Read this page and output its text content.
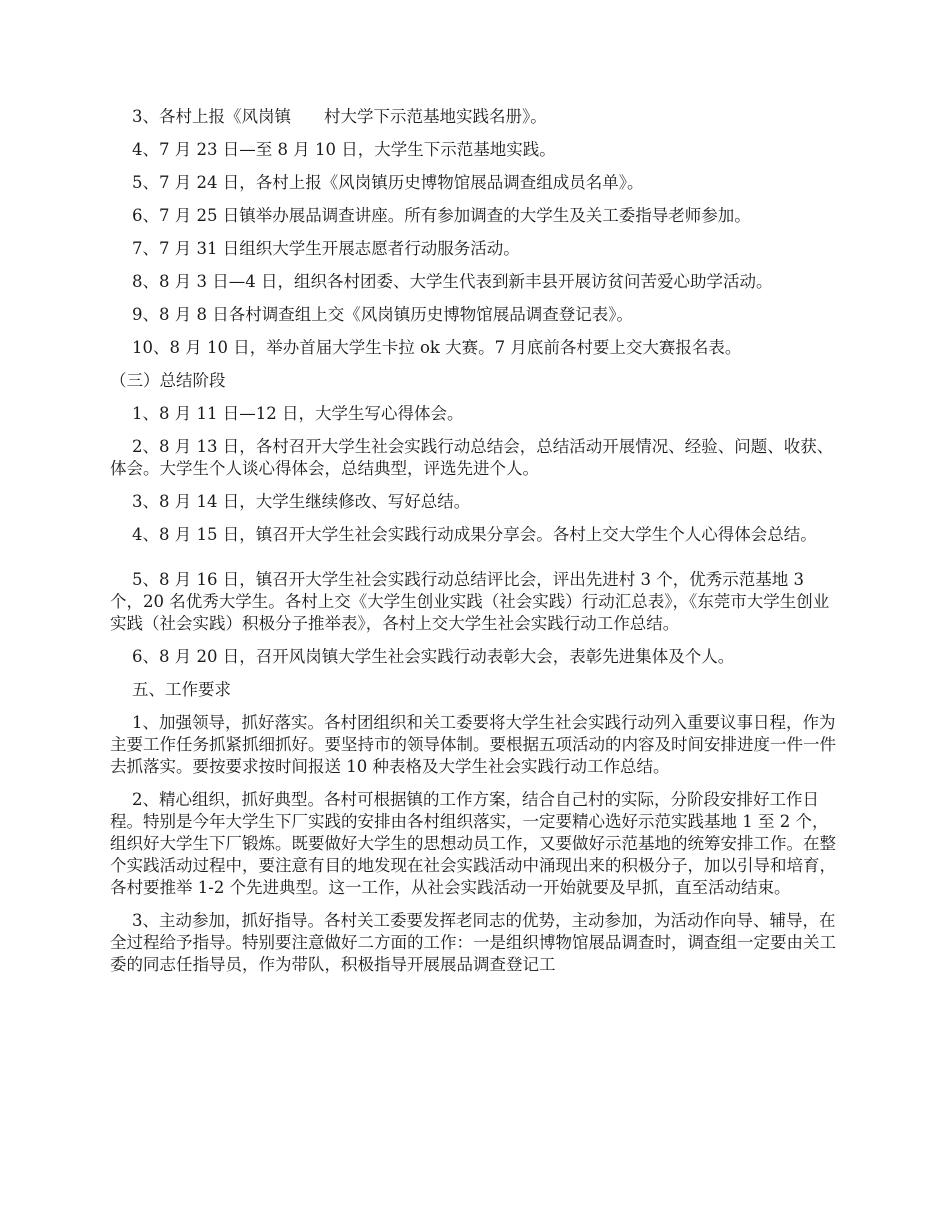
3、各村上报《风岗镇　　村大学下示范基地实践名册》。

4、7 月 23 日—至 8 月 10 日，大学生下示范基地实践。

5、7 月 24 日，各村上报《风岗镇历史博物馆展品调查组成员名单》。

6、7 月 25 日镇举办展品调查讲座。所有参加调查的大学生及关工委指导老师参加。

7、7 月 31 日组织大学生开展志愿者行动服务活动。

8、8 月 3 日—4 日，组织各村团委、大学生代表到新丰县开展访贫问苦爱心助学活动。

9、8 月 8 日各村调查组上交《风岗镇历史博物馆展品调查登记表》。

10、8 月 10 日，举办首届大学生卡拉 ok 大赛。7 月底前各村要上交大赛报名表。

（三）总结阶段

1、8 月 11 日—12 日，大学生写心得体会。

2、8 月 13 日，各村召开大学生社会实践行动总结会，总结活动开展情况、经验、问题、收获、体会。大学生个人谈心得体会，总结典型，评选先进个人。

3、8 月 14 日，大学生继续修改、写好总结。

4、8 月 15 日，镇召开大学生社会实践行动成果分享会。各村上交大学生个人心得体会总结。

5、8 月 16 日，镇召开大学生社会实践行动总结评比会，评出先进村 3 个，优秀示范基地 3 个，20 名优秀大学生。各村上交《大学生创业实践（社会实践）行动汇总表》，《东莞市大学生创业实践（社会实践）积极分子推举表》，各村上交大学生社会实践行动工作总结。

6、8 月 20 日，召开风岗镇大学生社会实践行动表彰大会，表彰先进集体及个人。

五、工作要求

1、加强领导，抓好落实。各村团组织和关工委要将大学生社会实践行动列入重要议事日程，作为主要工作任务抓紧抓细抓好。要坚持市的领导体制。要根据五项活动的内容及时间安排进度一件一件去抓落实。要按要求按时间报送 10 种表格及大学生社会实践行动工作总结。

2、精心组织，抓好典型。各村可根据镇的工作方案，结合自己村的实际，分阶段安排好工作日程。特别是今年大学生下厂实践的安排由各村组织落实，一定要精心选好示范实践基地 1 至 2 个，组织好大学生下厂锻炼。既要做好大学生的思想动员工作，又要做好示范基地的统筹安排工作。在整个实践活动过程中，要注意有目的地发现在社会实践活动中涌现出来的积极分子，加以引导和培育，各村要推举 1-2 个先进典型。这一工作，从社会实践活动一开始就要及早抓，直至活动结束。

3、主动参加，抓好指导。各村关工委要发挥老同志的优势，主动参加，为活动作向导、辅导，在全过程给予指导。特别要注意做好二方面的工作：一是组织博物馆展品调查时，调查组一定要由关工委的同志任指导员，作为带队，积极指导开展展品调查登记工
